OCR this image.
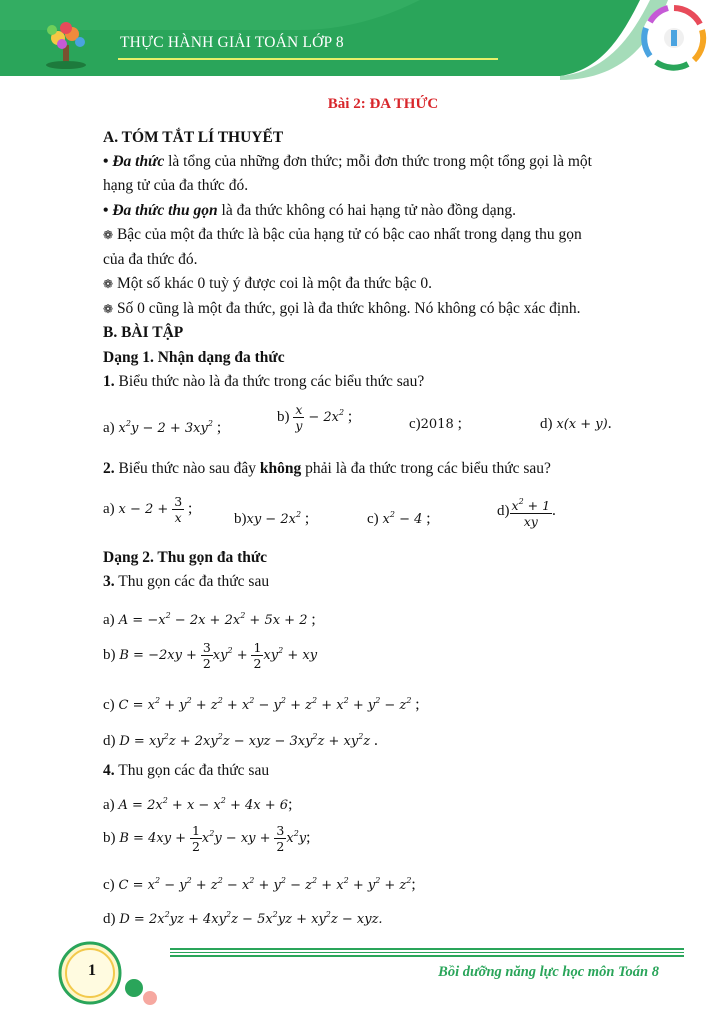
THỰC HÀNH GIẢI TOÁN LỚP 8
Bài 2: ĐA THỨC
A. TÓM TẮT LÍ THUYẾT
• Đa thức là tổng của những đơn thức; mỗi đơn thức trong một tổng gọi là một
hạng tử của đa thức đó.
• Đa thức thu gọn là đa thức không có hai hạng tử nào đồng dạng.
❁ Bậc của một đa thức là bậc của hạng tử có bậc cao nhất trong dạng thu gọn
của đa thức đó.
❁ Một số khác 0 tuỳ ý được coi là một đa thức bậc 0.
❁ Số 0 cũng là một đa thức, gọi là đa thức không. Nó không có bậc xác định.
B. BÀI TẬP
Dạng 1. Nhận dạng đa thức
1. Biểu thức nào là đa thức trong các biểu thức sau?
a) $x^2y - 2 + 3xy^2$ ;
$b) \frac{x}{y} - 2x^2$ ;	c)2018 ;	d) x(x + y).
2. Biểu thức nào sau đây không phải là đa thức trong các biểu thức sau?
a) $x - 2 + \frac{3}{x}$ ;
$b)xy - 2x^2$ ;	c) $x^2 - 4$ ;	$d) \frac{x^2 + 1}{xy}$ .
Dạng 2. Thu gọn đa thức
3. Thu gọn các đa thức sau
a) $A = -x^2 - 2x + 2x^2 + 5x + 2$ ;
b) $B = -2xy + \frac{3}{2} xy^2 + \frac{1}{2} xy^2$ + xy
c) $C = x^2 + y^2 + z^2 + x^2 - y^2 + z^2 + x^2 + y^2 - z^2$ ;
d) $D = xy^2z + 2xy^2z$ − xyz − $3xy^2z + xy^2z$ .
4. Thu gọn các đa thức sau
a) $A = 2x^2 + x - x^2 + 4x + 6$;
b) $B = 4xy + \frac{1}{2} x^2y$ − xy + $\frac{3}{2} x^2y$;
c) $C = x^2 - y^2 + z^2 - x^2 + y^2 - z^2 + x^2 + y^2 + z^2$;
d) $D = 2x^2yz + 4xy^2z - 5x^2yz + xy^2z$ − xyz.
1	Bồi dưỡng năng lực học môn Toán 8
